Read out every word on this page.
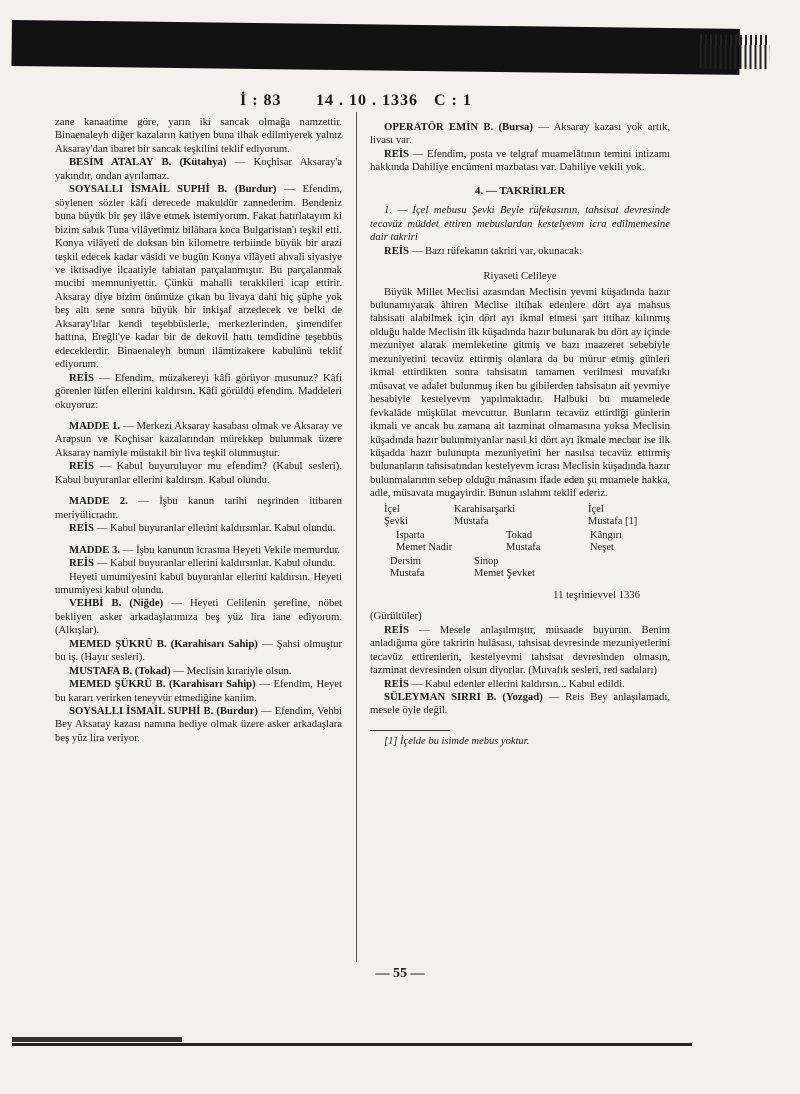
İ : 83 14 . 10 . 1336 C : 1

zane kanaatime göre, yarın iki sancak olmağa namzettir. Binaenaleyh diğer kazaların katiyen buna ilhak edilmiyerek yalnız Aksaray'dan ibaret bir sancak teşkilini teklif ediyorum.

BESİM ATALAY B. (Kütahya) — Koçhisar Aksaray'a yakındır, ondan ayrılamaz.

SOYSALLI İSMAİL SUPHİ B. (Burdur) — Efendim, söylenen sözler kâfi derecede makuldür zannederim. Bendeniz buna büyük bir şey ilâve etmek istemiyorum. Fakat hatırlatayım ki bizim sabık Tuna vilâyetimiz bilâhara koca Bulgaristan'ı teşkil etti. Konya vilâyeti de doksan bin kilometre terbiinde büyük bir arazi teşkil edecek kadar vâsidi ve bugün Konya vilâyeti ahvali siyasiye ve iktisadiye ilcaatiyle tabiatan parçalanmıştır. Bu parçalanmak mucibi memnuniyettir. Çünkü mahalli terakkileri icap ettirir. Aksaray diye bizim önümüze çıkan bu livaya dahi hiç şüphe yok beş altı sene sonra büyük bir inkişaf arzedecek ve belki de Aksaray'lılar kendi teşebbüslerle, merkezlerinden, şimendifer hattına, Ereğli'ye kadar bir de dekovil hattı temdidine teşebbüs edeceklerdir. Binaenaleyh bunun ilâmtizakere kabulünü teklif ediyorum.

REİS — Efendim, müzakereyi kâfi görüyor musunuz? Kâfi görenler lütfen ellerini kaldırsın. Kâfi görüldü efendim. Maddeleri okuyoruz:

MADDE 1. — Merkezi Aksaray kasabası olmak ve Aksaray ve Arapsun ve Koçhisar kazalarından mürekkep bulunmak üzere Aksaray namiyle müstakil bir liva teşkil olunmuştur.

REİS — Kabul buyuruluyor mu efendim? (Kabul sesleri). Kabul buyuranlar ellerini kaldırsın. Kabul olundu.

MADDE 2. — İşbu kanun tarihi neşrinden itibaren meriyülicradır.

REİS — Kabul buyuranlar ellerini kaldırsınlar. Kabul olundu.

MADDE 3. — İşbu kanunun icrasına Heyeti Vekile memurdur.

REİS — Kabul buyuranlar ellerini kaldırsınlar. Kabul olundu.

Heyeti umumiyesini kabul buyuranlar ellerini kaldırsın. Heyeti umumiyesi kabul olundu.

VEHBİ B. (Niğde) — Heyeti Celilenin şerefine, nöbet bekliyen asker arkadaşlarımıza beş yüz lira iane ediyorum. (Alkışlar).

MEMED ŞÜKRÜ B. (Karahisarı Sahip) — Şahsi olmuştur bu iş. (Hayır sesleri).

MUSTAFA B. (Tokad) — Meclisin kırariyle olsun.

MEMED ŞÜKRÜ B. (Karahisarı Sahip) — Efendim, Heyet bu kararı verirken teneyvür etmediğine kaniim.

SOYSALLI İSMAİL SUPHİ B. (Burdur) — Efendim, Vehbi Bey Aksaray kazası namına hediye olmak üzere asker arkadaşlara beş yüz lira veriyor.

OPERATÖR EMİN B. (Bursa) — Aksaray kazası yok artık, livası var.

REİS — Efendim, posta ve telgraf muamelâtının temini intizamı hakkında Dahiliye encümeni mazbatası var. Dahiliye vekili yok.

4. — TAKRİRLER

1. — İçel mebusu Şevki Beyle rüfekasının, tahsisat devresinde tecavüz müddet ettiren mebuslardan kestelyevm icra edilmemesine dair takriri

REİS — Bazı rüfekanın takriri var, okunacak:

Riyaseti Celileye

Büyük Millet Meclisi azasından Meclisin yevmi küşadında hazır bulunamıyarak âhiren Meclise iltihak edenlere dört aya mahsus tahsisatı alabilmek için dört ayı ikmal etmesi şart ittihaz kılınmış olduğu halde Meclisin ilk küşadında hazır bulunarak bu dört ay içinde mezuniyet alarak memleketine gitmiş ve bazı maazeret sebebiyle mezuniyetini tecavüz ettirmiş olanlara da bu mürur etmiş günleri ikmal ettirdikten sonra tahsisatın tamamen verilmesi muvafıkı müsavat ve adalet bulunmuş iken bu gibilerden tahsisatın ait yevmiye hesabiyle kestelyevm yapılmaktadır. Halbuki bu muamelede fevkalâde müşkülat mevcuttur. Bunların tecavüz ettirdiği günlerin ikmali ve ancak bu zamana ait tazminat olmamasına yoksa Meclisin küşadında hazır bulunmıyanlar nasıl ki dört ayı ikmale mecbur ise ilk küşadda hazır bulunupta mezuniyetini her nasılsa tecavüz ettirmiş bulunanların tahsisatından kestelyevm icrası Meclisin küşadında hazır bulunmalarının sebep olduğu mânasını ifade eden şu muamele hakka, adle, müsavata mugayirdir. Bunun ıslahını teklif ederiz.

İçel
Şevki
Karahisarşarki
Mustafa
İçel
Mustafa [1]
Isparta
Memet Nadir
Tokad
Mustafa
Kângırı
Neşet
Dersim
Mustafa
Sinop
Memet Şevket
11 teşrinievvel 1336

(Gürültüler)

REİS — Mesele anlaşılmıştır, müsaade buyurun. Benim anladığıma göre takririn hulâsası, tahsisat devresinde mezuniyetlerini tecavüz ettirenlerin, kestelyevmi tahsisat devresinden olmasın, tazminat devresinden olsun diyorlar. (Muvafık sesleri, red sadaları)

REİS — Kabul edenler ellerini kaldırsın... Kabul edildi.

SÜLEYMAN SIRRI B. (Yozgad) — Reis Bey anlaşılamadı, mesele öyle değil.

[1] İçelde bu isimde mebus yoktur.

— 55 —
